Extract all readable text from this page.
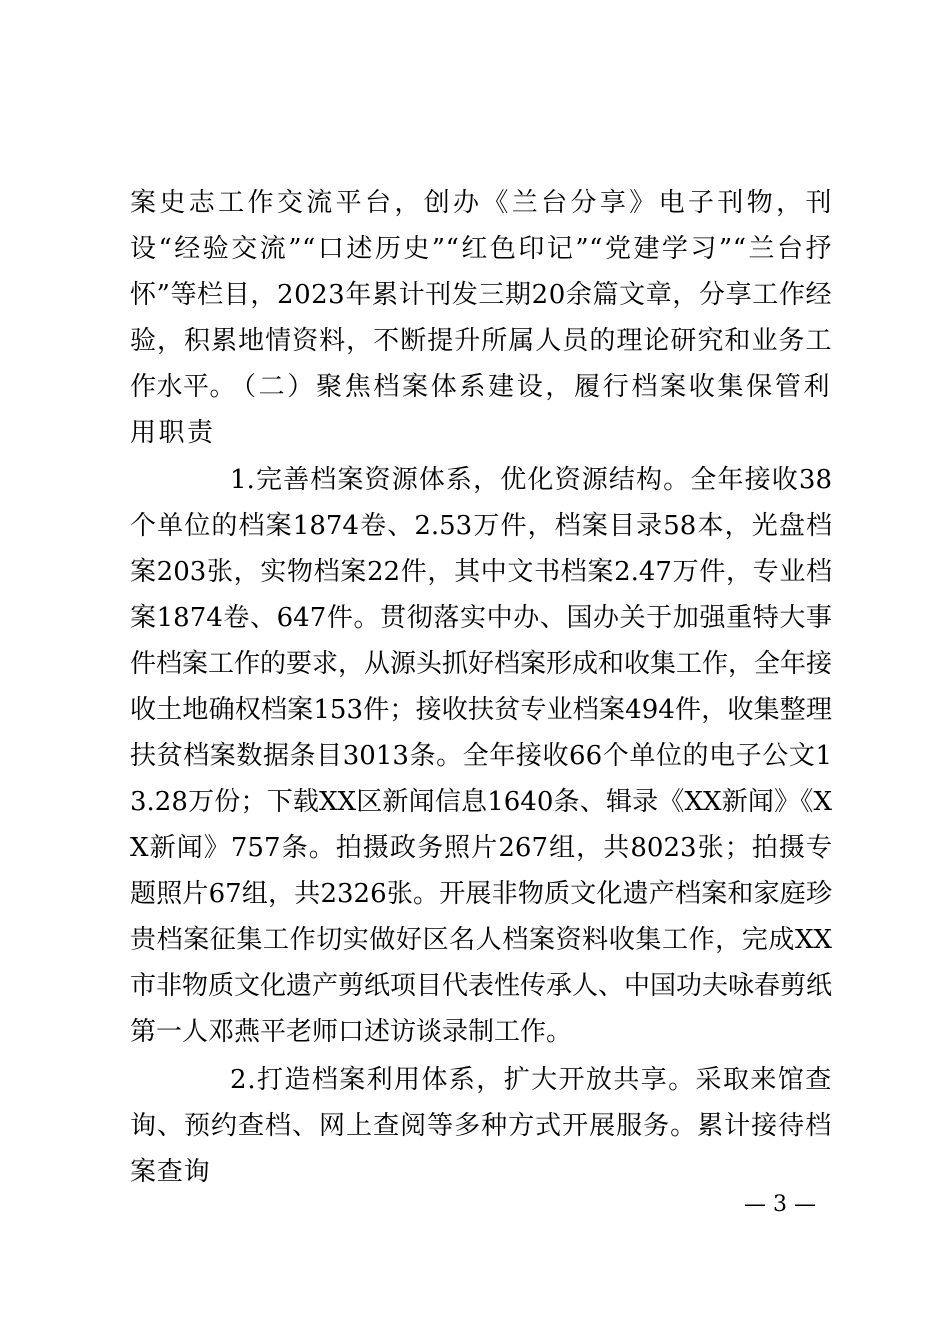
案史志工作交流平台，创办《兰台分享》电子刊物，刊设“经验交流”“口述历史”“红色印记”“党建学习”“兰台抒怀”等栏目，2023年累计刊发三期20余篇文章，分享工作经验，积累地情资料，不断提升所属人员的理论研究和业务工作水平。

（二）聚焦档案体系建设，履行档案收集保管利用职责

1.完善档案资源体系，优化资源结构。全年接收38个单位的档案1874卷、2.53万件，档案目录58本，光盘档案203张，实物档案22件，其中文书档案2.47万件，专业档案1874卷、647件。贯彻落实中办、国办关于加强重特大事件档案工作的要求，从源头抓好档案形成和收集工作，全年接收土地确权档案153件；接收扶贫专业档案494件，收集整理扶贫档案数据条目3013条。全年接收66个单位的电子公文13.28万份；下载XX区新闻信息1640条、辑录《XX新闻》《XX新闻》757条。拍摄政务照片267组，共8023张；拍摄专题照片67组，共2326张。开展非物质文化遗产档案和家庭珍贵档案征集工作切实做好区名人档案资料收集工作，完成XX市非物质文化遗产剪纸项目代表性传承人、中国功夫咏春剪纸第一人邓燕平老师口述访谈录制工作。

2.打造档案利用体系，扩大开放共享。采取来馆查询、预约查档、网上查阅等多种方式开展服务。累计接待档案查询

— 3 —
